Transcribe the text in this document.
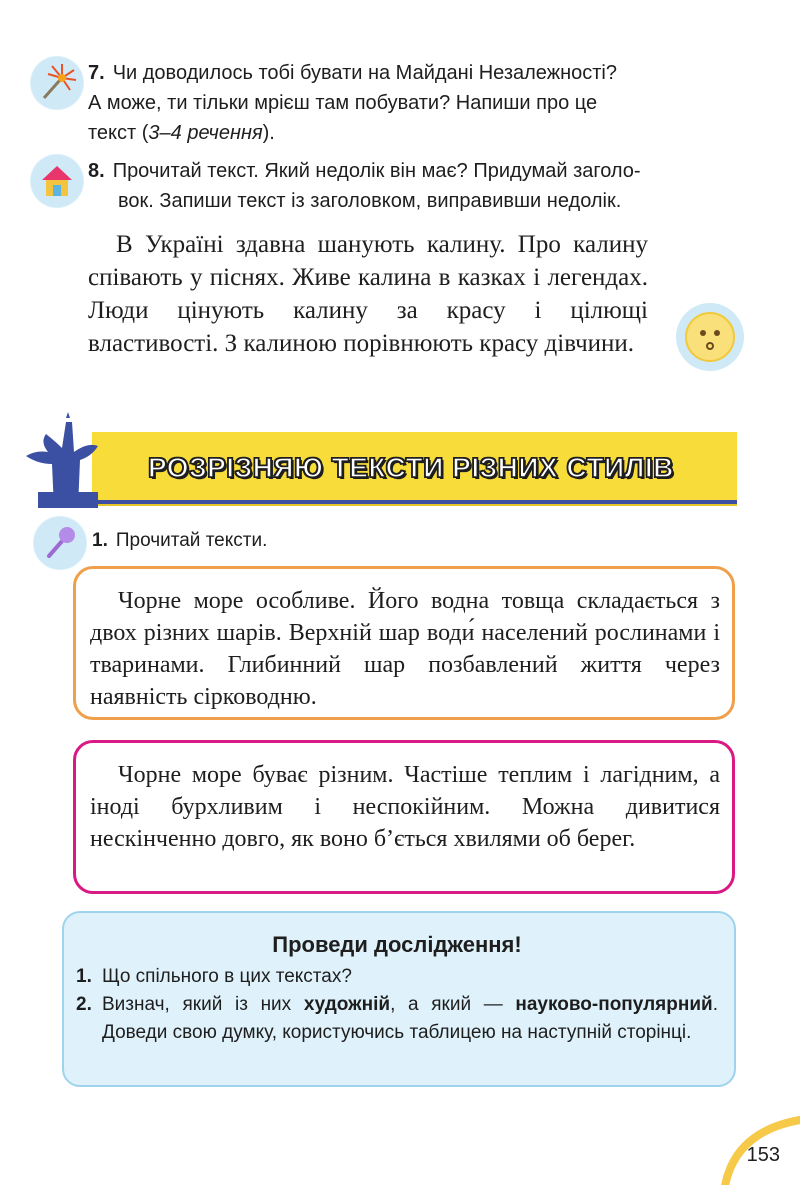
7. Чи доводилось тобі бувати на Майдані Незалежності?
А може, ти тільки мрієш там побувати? Напиши про це
текст (3–4 речення).
8. Прочитай текст. Який недолік він має? Придумай заголо-
вок. Запиши текст із заголовком, виправивши недолік.

В Україні здавна шанують калину. Про калину співають у піснях. Живе калина в казках і легендах. Люди цінують калину за красу і цілющі властивості. З калиною порівнюють красу дівчини.

РОЗРІЗНЯЮ ТЕКСТИ РІЗНИХ СТИЛІВ
1. Прочитай тексти.

Чорне море особливе. Його водна товща складається з двох різних шарів. Верхній шар води́ населений рослинами і тваринами. Глибинний шар позбавлений життя через наявність сірководню.

Чорне море буває різним. Частіше теплим і лагідним, а іноді бурхливим і неспокійним. Можна дивитися нескінченно довго, як воно б’ється хвилями об берег.

Проведи дослідження!
1. Що спільного в цих текстах?
2. Визнач, який із них художній, а який — науково-популярний. Доведи свою думку, користуючись таблицею на наступній сторінці.
153
